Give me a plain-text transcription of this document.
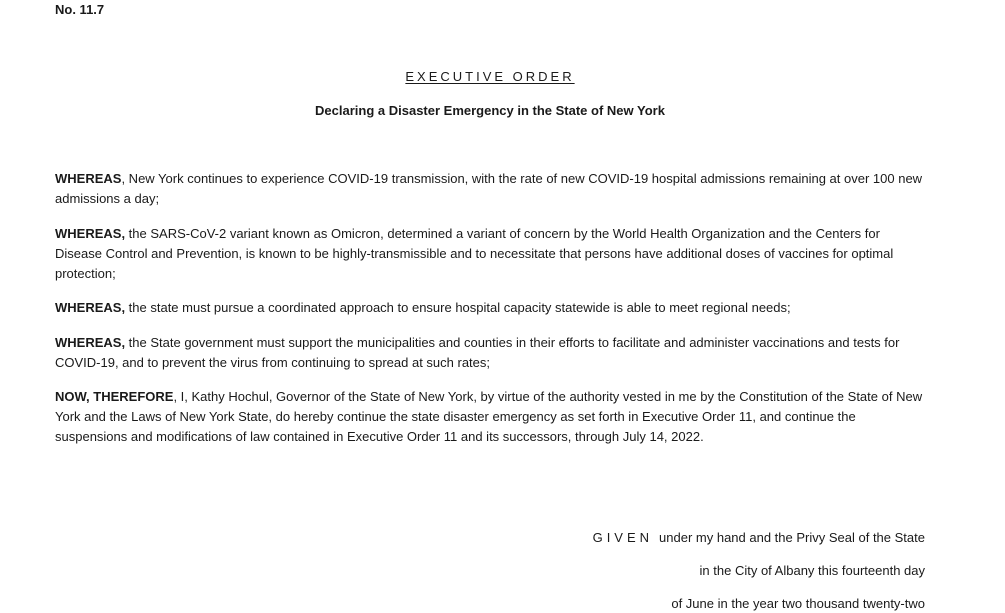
No. 11.7
EXECUTIVE ORDER
Declaring a Disaster Emergency in the State of New York

WHEREAS, New York continues to experience COVID-19 transmission, with the rate of new COVID-19 hospital admissions remaining at over 100 new admissions a day;

WHEREAS, the SARS-CoV-2 variant known as Omicron, determined a variant of concern by the World Health Organization and the Centers for Disease Control and Prevention, is known to be highly-transmissible and to necessitate that persons have additional doses of vaccines for optimal protection;

WHEREAS, the state must pursue a coordinated approach to ensure hospital capacity statewide is able to meet regional needs;

WHEREAS, the State government must support the municipalities and counties in their efforts to facilitate and administer vaccinations and tests for COVID-19, and to prevent the virus from continuing to spread at such rates;

NOW, THEREFORE, I, Kathy Hochul, Governor of the State of New York, by virtue of the authority vested in me by the Constitution of the State of New York and the Laws of New York State, do hereby continue the state disaster emergency as set forth in Executive Order 11, and continue the suspensions and modifications of law contained in Executive Order 11 and its successors, through July 14, 2022.

GIVEN under my hand and the Privy Seal of the State
in the City of Albany this fourteenth day
of June in the year two thousand twenty-two
